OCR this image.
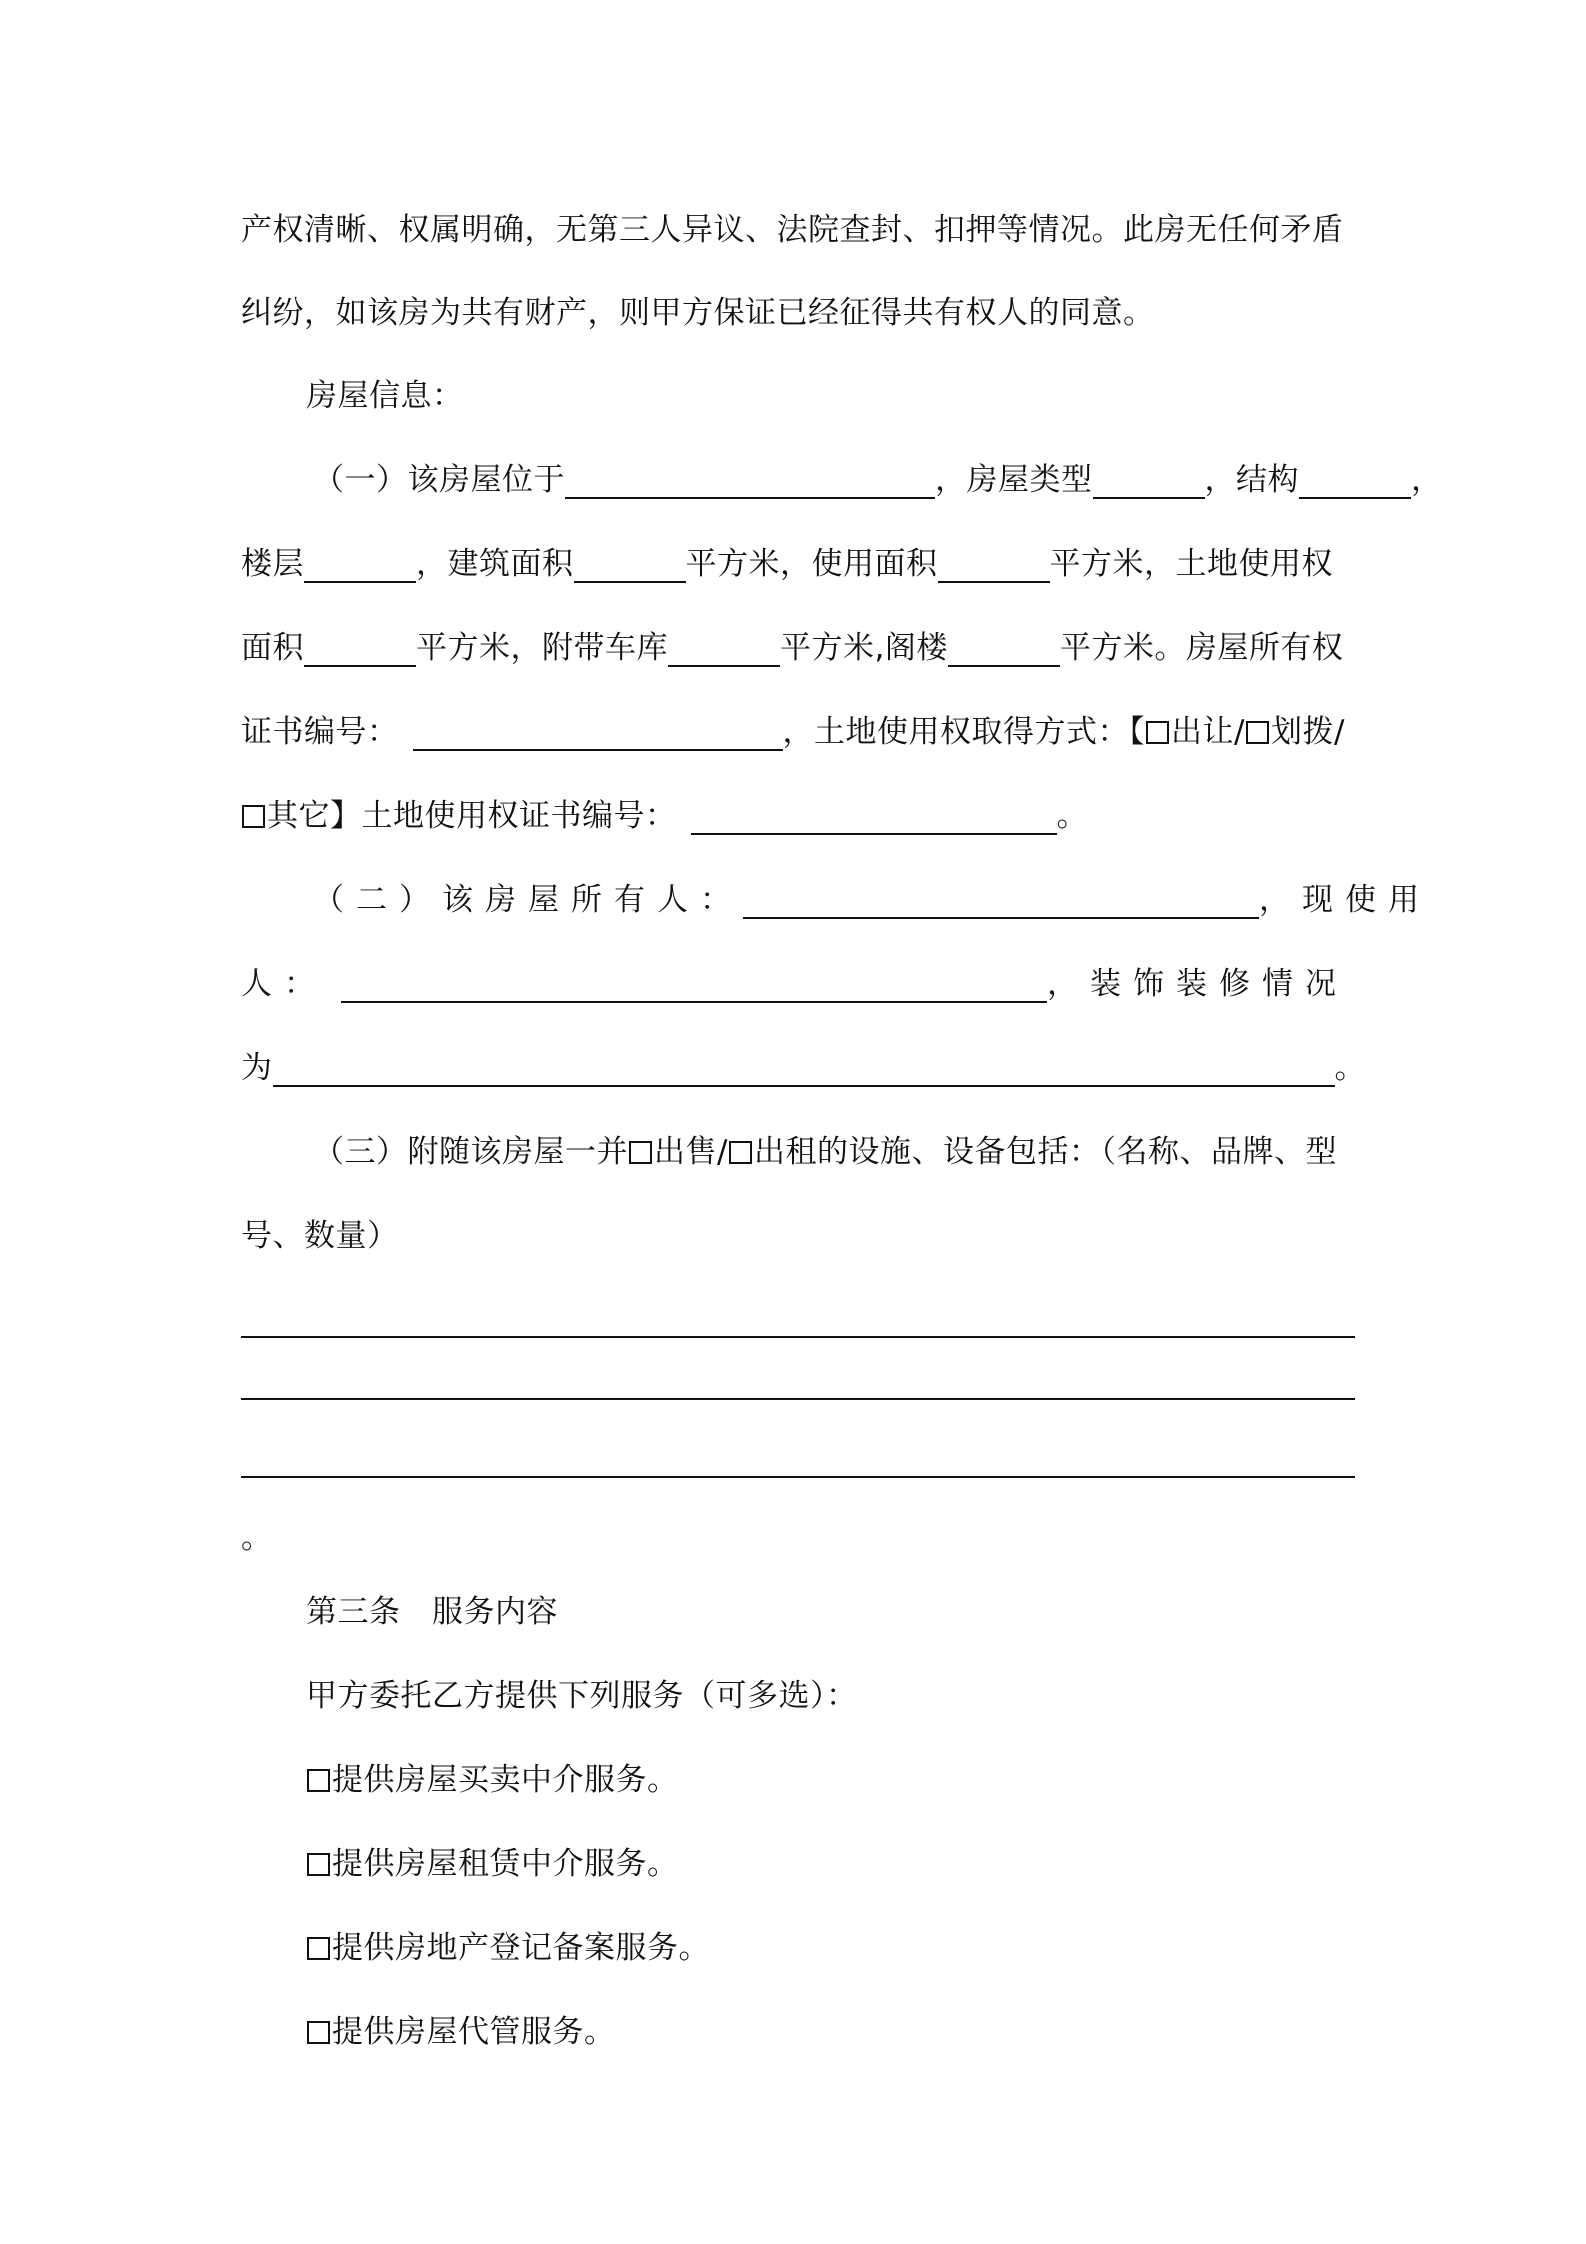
产权清晰、权属明确，无第三人异议、法院查封、扣押等情况。此房无任何矛盾
纠纷，如该房为共有财产，则甲方保证已经征得共有权人的同意。
房屋信息：
（一）该房屋位于	，房屋类型	，结构	，
楼层	，建筑面积	平方米，使用面积	平方米，土地使用权
面积	平方米，附带车库	平方米,阁楼	平方米。房屋所有权
证书编号：	，土地使用权取得方式：【 出让/ 划拨/
其它】土地使用权证书编号：	。
（二）该房屋所有人：	，现使用
人：	，装饰装修情况
为	。
（三）附随该房屋一并 出售/ 出租的设施、设备包括：（名称、品牌、型
号、数量）
。
第三条　服务内容
甲方委托乙方提供下列服务（可多选）：
提供房屋买卖中介服务。
提供房屋租赁中介服务。
提供房地产登记备案服务。
提供房屋代管服务。
